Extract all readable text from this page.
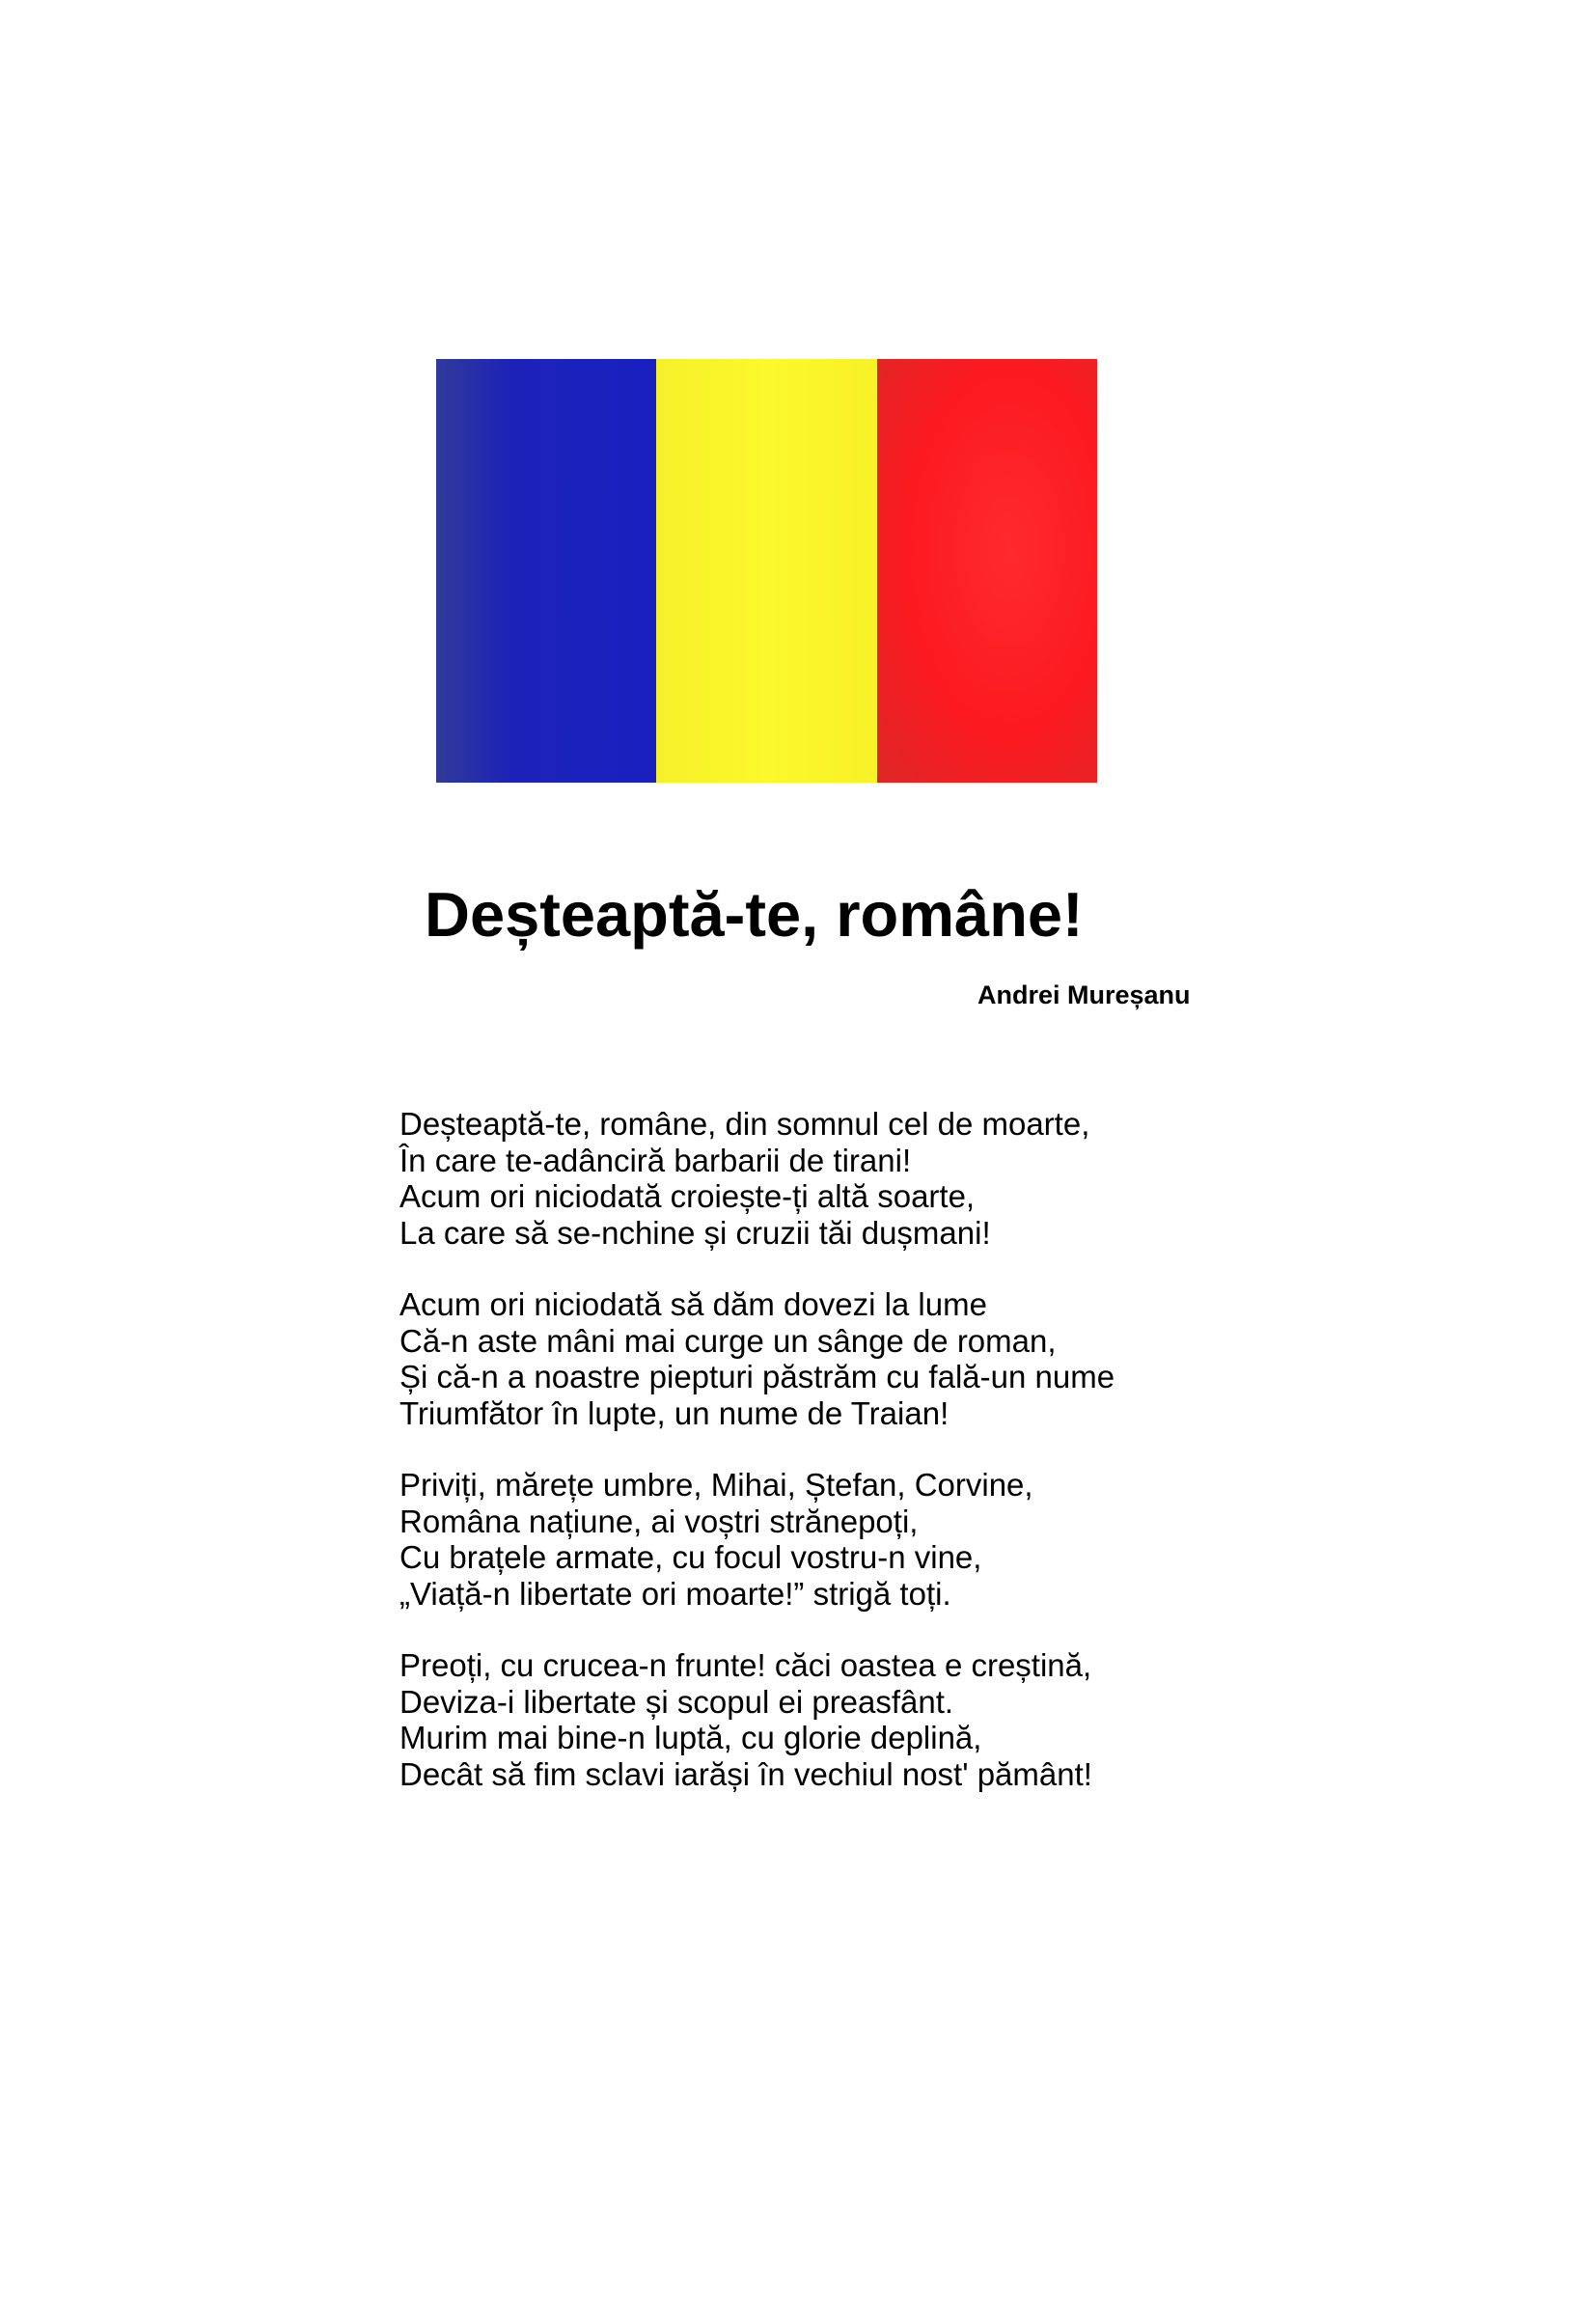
Deșteaptă-te, române!

Andrei Mureșanu

Deșteaptă-te, române, din somnul cel de moarte,
În care te-adânciră barbarii de tirani!
Acum ori niciodată croiește-ți altă soarte,
La care să se-nchine și cruzii tăi dușmani!

Acum ori niciodată să dăm dovezi la lume
Că-n aste mâni mai curge un sânge de roman,
Și că-n a noastre piepturi păstrăm cu fală-un nume
Triumfător în lupte, un nume de Traian!

Priviți, mărețe umbre, Mihai, Ștefan, Corvine,
Româna națiune, ai voștri strănepoți,
Cu brațele armate, cu focul vostru-n vine,
„Viață-n libertate ori moarte!” strigă toți.

Preoți, cu crucea-n frunte! căci oastea e creștină,
Deviza-i libertate și scopul ei preasfânt.
Murim mai bine-n luptă, cu glorie deplină,
Decât să fim sclavi iarăși în vechiul nost' pământ!
